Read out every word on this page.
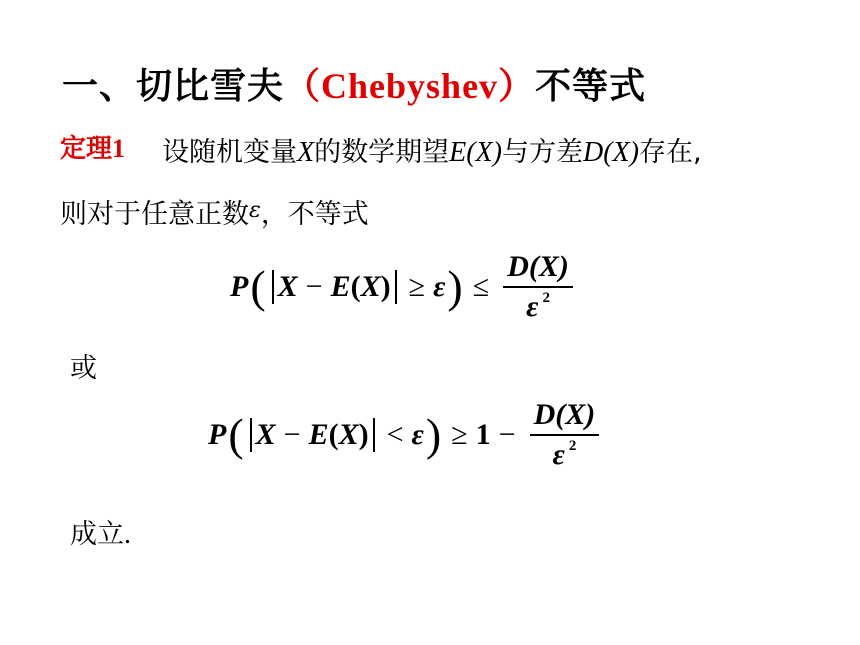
一、切比雪夫（Chebyshev）不等式
定理1 设随机变量X的数学期望E(X)与方差D(X)存在,
则对于任意正数$^\varepsilon$，不等式
P ( X − E ( X ) ≥ ε ) ≤ $\frac{D(X)}{\varepsilon ^2}$
或
P ( X − E ( X ) < ε ) ≥ $1 - \frac{D(X)}{\varepsilon ^2}$
成立.
